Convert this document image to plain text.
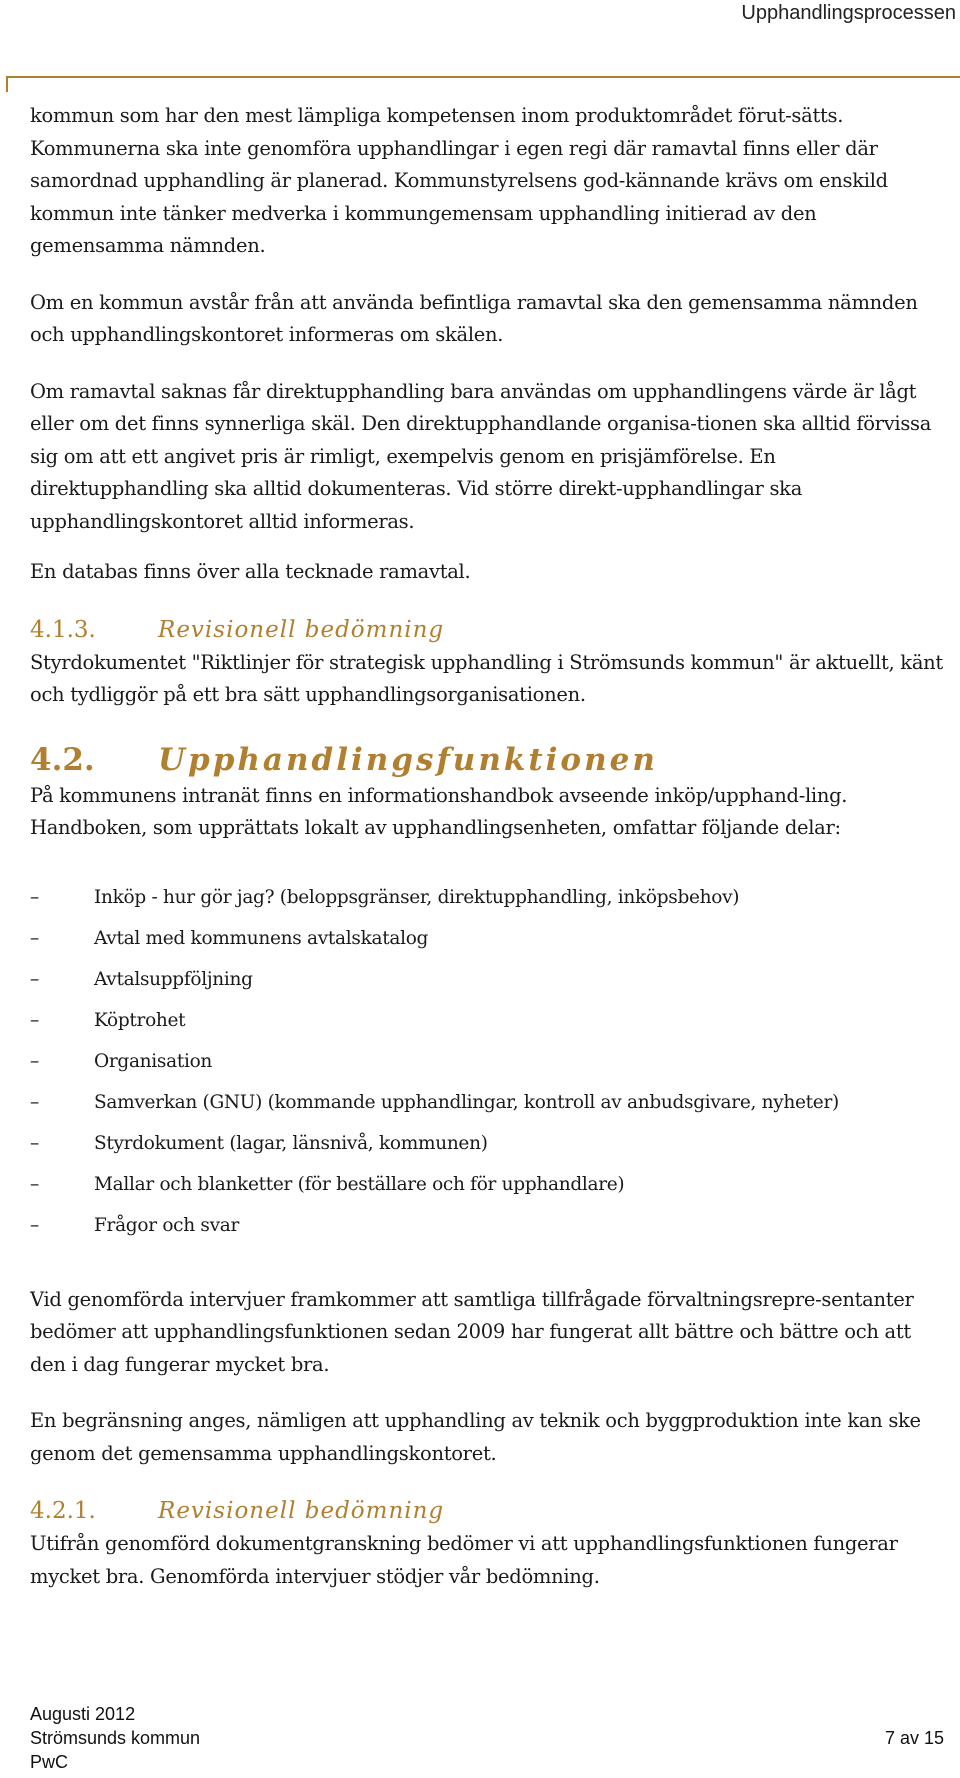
Upphandlingsprocessen

kommun som har den mest lämpliga kompetensen inom produktområdet förut-sätts. Kommunerna ska inte genomföra upphandlingar i egen regi där ramavtal finns eller där samordnad upphandling är planerad. Kommunstyrelsens god-kännande krävs om enskild kommun inte tänker medverka i kommungemensam upphandling initierad av den gemensamma nämnden.

Om en kommun avstår från att använda befintliga ramavtal ska den gemensamma nämnden och upphandlingskontoret informeras om skälen.

Om ramavtal saknas får direktupphandling bara användas om upphandlingens värde är lågt eller om det finns synnerliga skäl. Den direktupphandlande organisa-tionen ska alltid förvissa sig om att ett angivet pris är rimligt, exempelvis genom en prisjämförelse. En direktupphandling ska alltid dokumenteras. Vid större direkt-upphandlingar ska upphandlingskontoret alltid informeras.

En databas finns över alla tecknade ramavtal.

4.1.3.	Revisionell bedömning

Styrdokumentet "Riktlinjer för strategisk upphandling i Strömsunds kommun" är aktuellt, känt och tydliggör på ett bra sätt upphandlingsorganisationen.

4.2.	Upphandlingsfunktionen

På kommunens intranät finns en informationshandbok avseende inköp/upphand-ling. Handboken, som upprättats lokalt av upphandlingsenheten, omfattar följande delar:

–	Inköp - hur gör jag? (beloppsgränser, direktupphandling, inköpsbehov)
–	Avtal med kommunens avtalskatalog
–	Avtalsuppföljning
–	Köptrohet
–	Organisation
–	Samverkan (GNU) (kommande upphandlingar, kontroll av anbudsgivare, nyheter)
–	Styrdokument (lagar, länsnivå, kommunen)
–	Mallar och blanketter (för beställare och för upphandlare)
–	Frågor och svar

Vid genomförda intervjuer framkommer att samtliga tillfrågade förvaltningsrepre-sentanter bedömer att upphandlingsfunktionen sedan 2009 har fungerat allt bättre och bättre och att den i dag fungerar mycket bra.

En begränsning anges, nämligen att upphandling av teknik och byggproduktion inte kan ske genom det gemensamma upphandlingskontoret.

4.2.1.	Revisionell bedömning

Utifrån genomförd dokumentgranskning bedömer vi att upphandlingsfunktionen fungerar mycket bra. Genomförda intervjuer stödjer vår bedömning.

Augusti 2012
Strömsunds kommun
PwC
7 av 15
